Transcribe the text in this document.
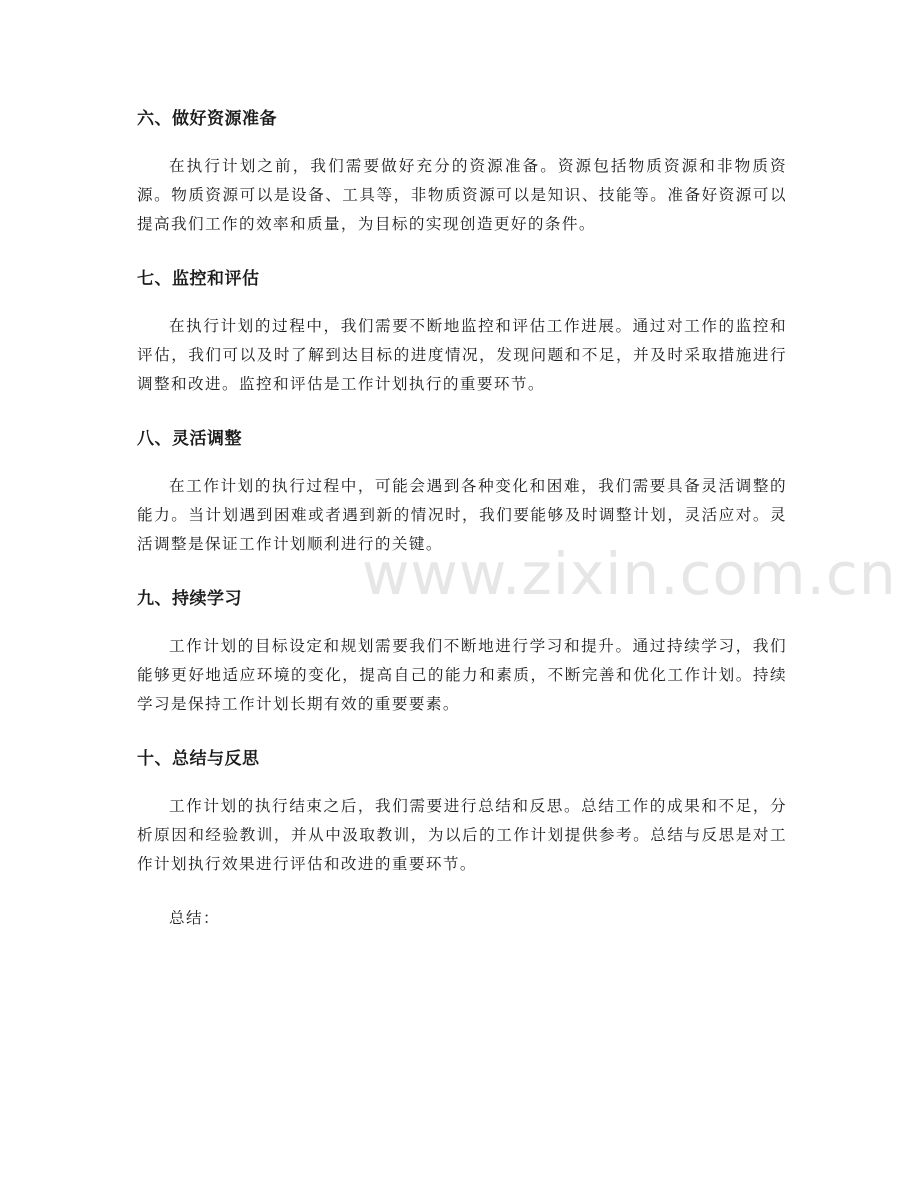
www.zixin.com.cn
六、做好资源准备

在执行计划之前，我们需要做好充分的资源准备。资源包括物质资源和非物质资源。物质资源可以是设备、工具等，非物质资源可以是知识、技能等。准备好资源可以提高我们工作的效率和质量，为目标的实现创造更好的条件。

七、监控和评估

在执行计划的过程中，我们需要不断地监控和评估工作进展。通过对工作的监控和评估，我们可以及时了解到达目标的进度情况，发现问题和不足，并及时采取措施进行调整和改进。监控和评估是工作计划执行的重要环节。

八、灵活调整

在工作计划的执行过程中，可能会遇到各种变化和困难，我们需要具备灵活调整的能力。当计划遇到困难或者遇到新的情况时，我们要能够及时调整计划，灵活应对。灵活调整是保证工作计划顺利进行的关键。

九、持续学习

工作计划的目标设定和规划需要我们不断地进行学习和提升。通过持续学习，我们能够更好地适应环境的变化，提高自己的能力和素质，不断完善和优化工作计划。持续学习是保持工作计划长期有效的重要要素。

十、总结与反思

工作计划的执行结束之后，我们需要进行总结和反思。总结工作的成果和不足，分析原因和经验教训，并从中汲取教训，为以后的工作计划提供参考。总结与反思是对工作计划执行效果进行评估和改进的重要环节。

总结：
